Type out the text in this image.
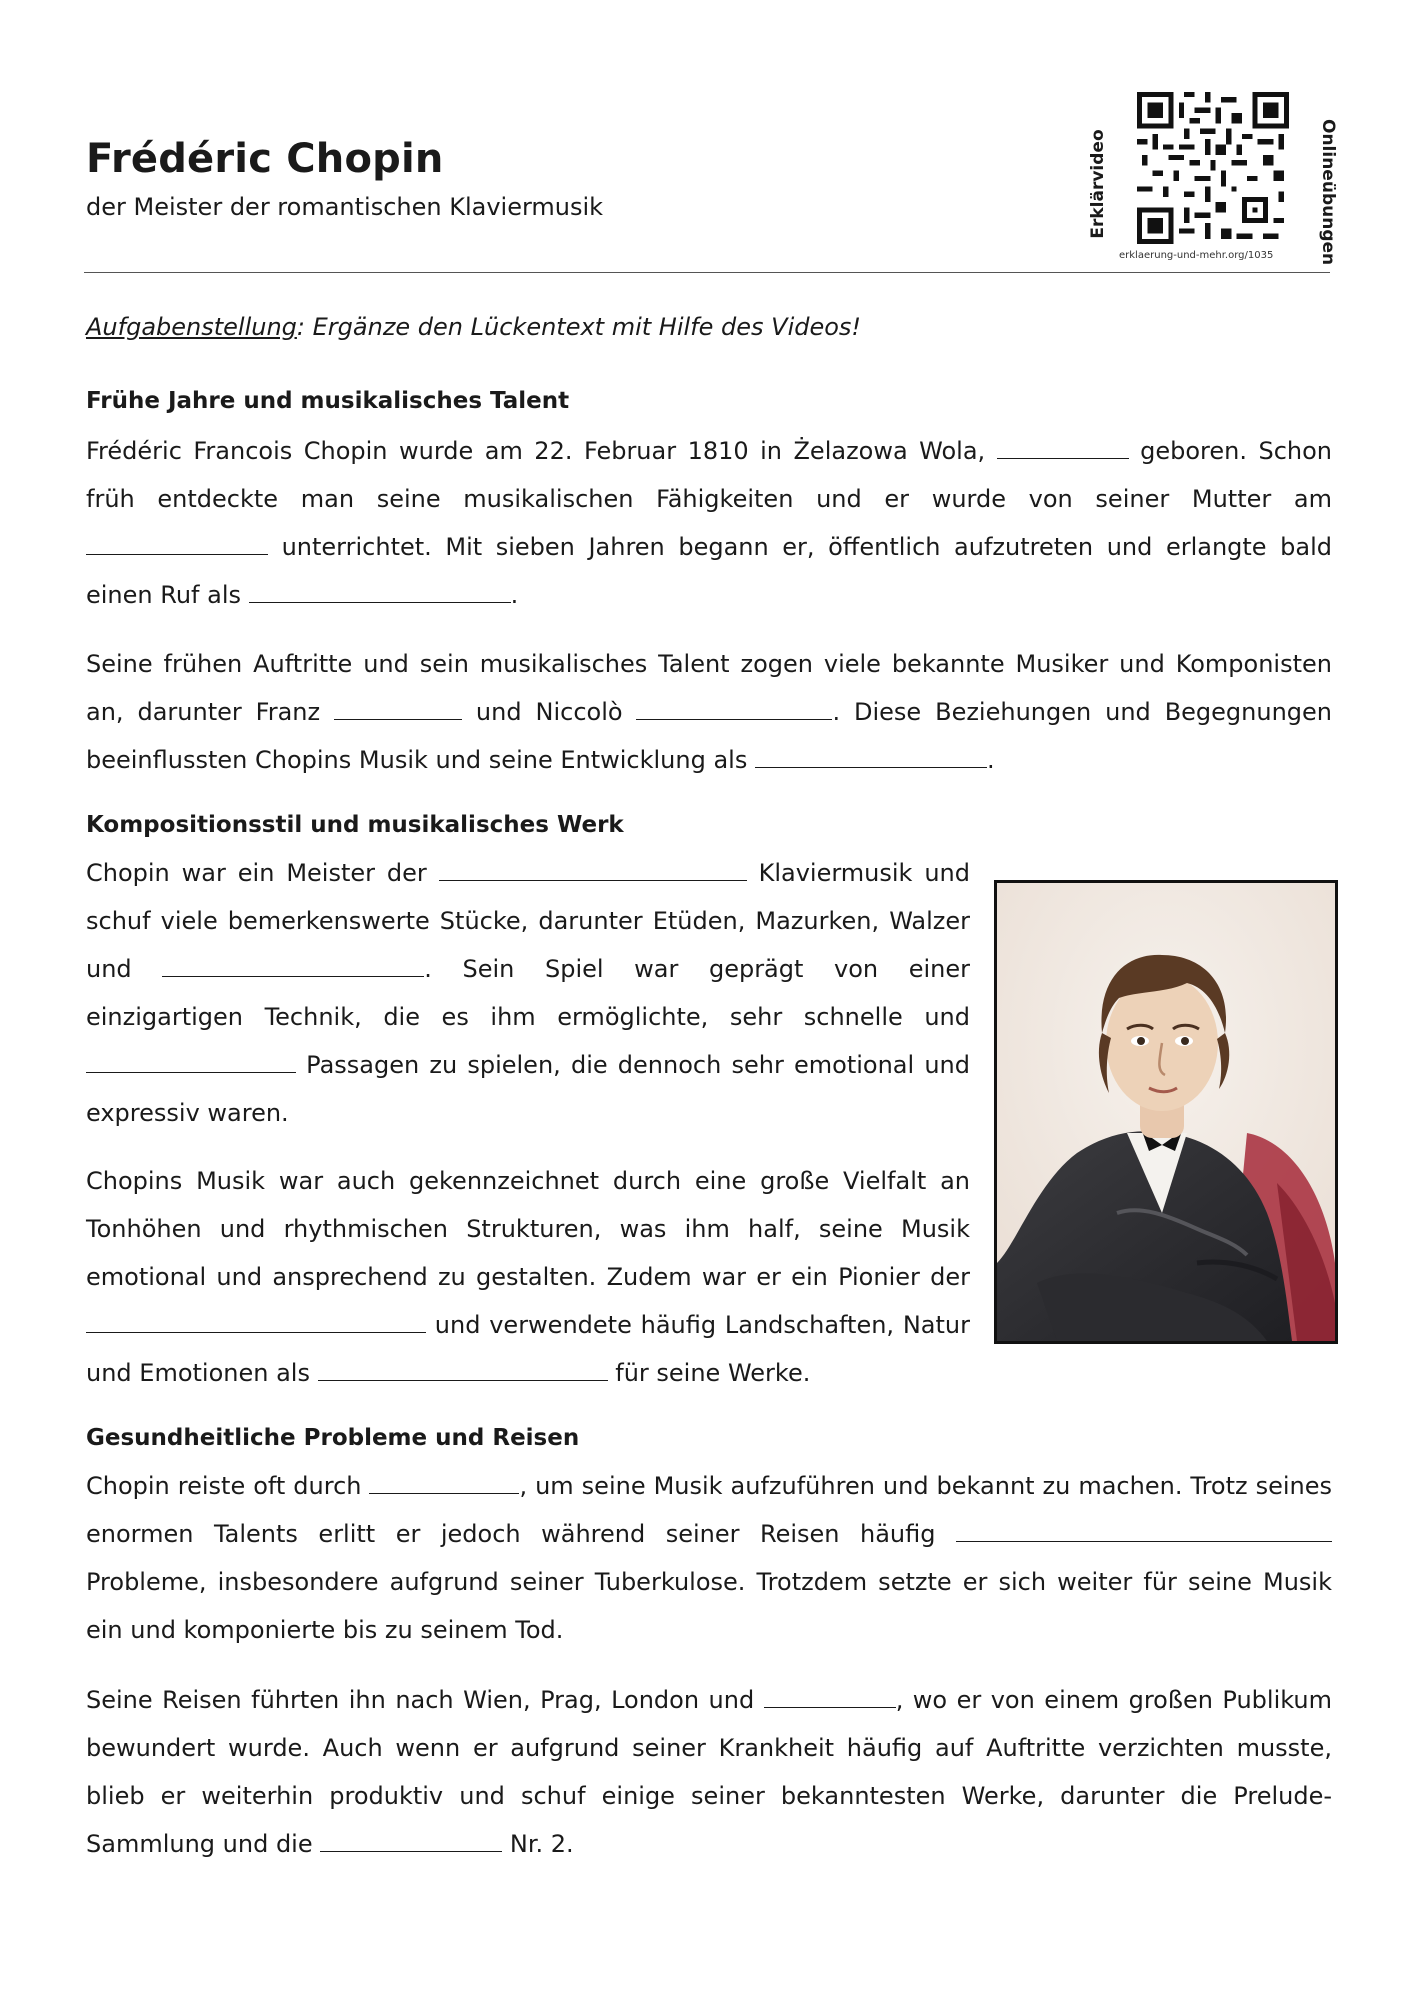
Frédéric Chopin

der Meister der romantischen Klaviermusik	Erklärvideo	Onlineübungen
erklaerung-und-mehr.org/1035

Aufgabenstellung: Ergänze den Lückentext mit Hilfe des Videos!

Frühe Jahre und musikalisches Talent

Frédéric Francois Chopin wurde am 22. Februar 1810 in Żelazowa Wola,	geboren. Schon früh entdeckte man seine musikalischen Fähigkeiten und er wurde von seiner Mutter am  unterrichtet. Mit sieben Jahren begann er, öffentlich aufzutreten und erlangte bald einen Ruf als	.

Seine frühen Auftritte und sein musikalisches Talent zogen viele bekannte Musiker und Komponisten an, darunter Franz	und Niccolò	. Diese Beziehungen und Begegnungen beeinflussten Chopins Musik und seine Entwicklung als	.

Kompositionsstil und musikalisches Werk

Chopin war ein Meister der	Klaviermusik und schuf viele bemerkenswerte Stücke, darunter Etüden, Mazurken, Walzer und	. Sein Spiel war geprägt von einer einzigartigen Technik, die es ihm ermöglichte, sehr schnelle und  Passagen zu spielen, die dennoch sehr emotional und expressiv waren.

Chopins Musik war auch gekennzeichnet durch eine große Vielfalt an Tonhöhen und rhythmischen Strukturen, was ihm half, seine Musik emotional und ansprechend zu gestalten. Zudem war er ein Pionier der  und verwendete häufig Landschaften, Natur und Emotionen als	für seine Werke.

Gesundheitliche Probleme und Reisen

Chopin reiste oft durch	, um seine Musik aufzuführen und bekannt zu machen. Trotz seines enormen Talents erlitt er jedoch während seiner Reisen häufig  Probleme, insbesondere aufgrund seiner Tuberkulose. Trotzdem setzte er sich weiter für seine Musik ein und komponierte bis zu seinem Tod.

Seine Reisen führten ihn nach Wien, Prag, London und	, wo er von einem großen Publikum bewundert wurde. Auch wenn er aufgrund seiner Krankheit häufig auf Auftritte verzichten musste, blieb er weiterhin produktiv und schuf einige seiner bekanntesten Werke, darunter die Prelude-Sammlung und die	Nr. 2.
